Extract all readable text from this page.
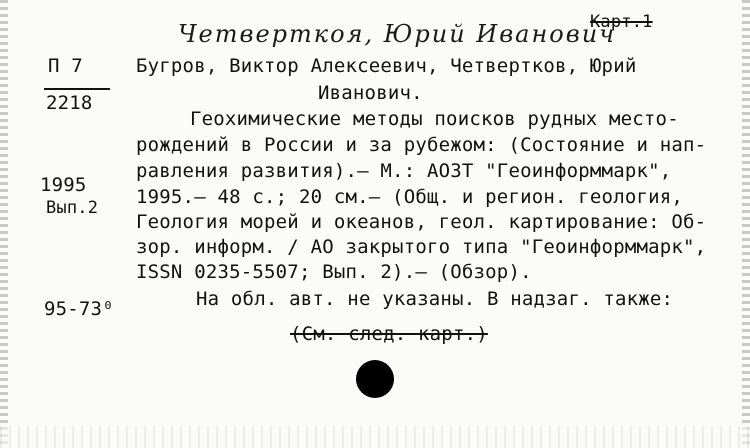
Четверткоя, Юрий Иванович
Карт.1
П 7
2218
1995
Вып.2
95-73⁰
Бугров, Виктор Алексеевич, Четвертков, Юрий
Иванович.
Геохимические методы поисков рудных место-
рождений в России и за рубежом: (Состояние и нап-
равления развития).– М.: АОЗТ "Геоинформмарк",
1995.– 48 с.; 20 см.– (Общ. и регион. геология,
Геология морей и океанов, геол. картирование: Об-
зор. информ. / АО закрытого типа "Геоинформмарк",
ISSN 0235-5507; Вып. 2).– (Обзор).
На обл. авт. не указаны. В надзаг. также:
(См. след. карт.)
